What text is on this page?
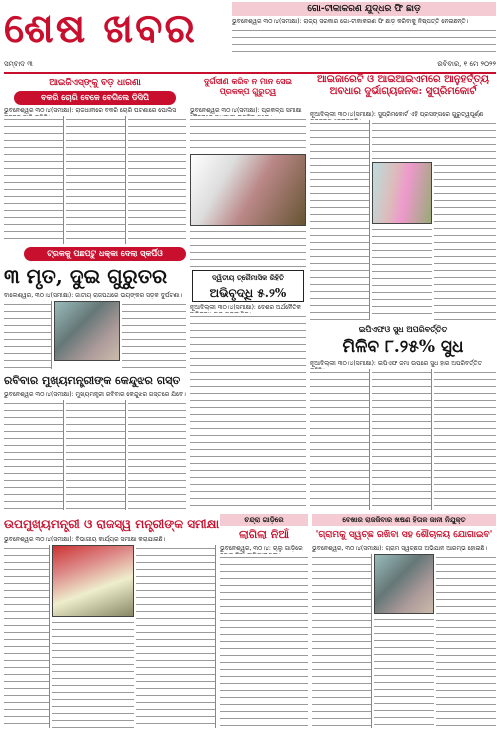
ଶେଷ ଖବର
ସମ୍ବାଦ ୩	ରବିବାର, ୧ ମେ ୨୦୨୨
ଗୋ-ଟୀକାକରଣ ଯୁଦ୍ଧର ଫି ଛାଡ଼
ଭୁବନେଶ୍ୱର ୩୦।୪(ସମୀକ୍ଷା): ରାଜ୍ୟ ସରକାର ଗୋ-ଟୀକାକରଣ ଫି ଛାଡ଼ କରିବାକୁ ନିଷ୍ପତ୍ତି ନେଇଛନ୍ତି।
ଆଇଜିଏସ୍‌ଙ୍କୁ ବଡ଼ ଧାରଣା
ବକରି ଚୋରି ବେଳେ ବେଗିଲେ ଡିସିପି
ଭୁବନେଶ୍ୱର ୩୦।୪(ସମୀକ୍ଷା): ରାଜଧାନୀରେ ବକରି ଚୋରି ଘଟଣାରେ ପୋଲିସ
ଟ୍ରକକୁ ପଛପଟୁ ଧକ୍କା ଦେଲା ସ୍କର୍ପିଓ
୩ ମୃତ, ଦୁଇ ଗୁରୁତର
ବାଲେଶ୍ୱର, ୩୦।୪(ସମୀକ୍ଷା): ଜାତୀୟ ରାଜପଥରେ ଭୟଙ୍କର ସଡ଼କ ଦୁର୍ଘଟଣା।
ରବିବାର ମୁଖ୍ୟମନ୍ତ୍ରୀଙ୍କ କେନ୍ଦୁଝର ଗସ୍ତ
ଭୁବନେଶ୍ୱର ୩୦।୪(ସମୀକ୍ଷା): ମୁଖ୍ୟମନ୍ତ୍ରୀ ରବିବାର କେନ୍ଦୁଝର ଗସ୍ତରେ ଯିବେ।
ଦୁର୍ଗସୀଣ କରିବ ନ ମାନ ସେଇ ପ୍ରକଳ୍ପ ଗୁରୁତ୍ୱ
ଭୁବନେଶ୍ୱର ୩୦।୪(ସମୀକ୍ଷା): ପ୍ରକଳ୍ପ ସମୀକ୍ଷା
ଦ୍ୱିତୀୟ ତ୍ରୈମାସିକ ରିହିତି
ଅଭିବୃଦ୍ଧି ୫.୨%
ନୂଆଦିଲ୍ଲୀ ୩୦।୪(ସମୀକ୍ଷା): ଦେଶର ଅର୍ଥନୈତିକ
ଆଇଜାରେଟି ଓ ଆଇଆଇଏମରେ ଆନୁହର୍ତ୍ତ୍ୟ ଅବଧାର ଦୁର୍ଭାଗ୍ୟଜନକ: ସୁପ୍ରିମକୋର୍ଟ
ନୂଆଦିଲ୍ଲୀ ୩୦।୪(ସମୀକ୍ଷା): ସୁପ୍ରିମକୋର୍ଟ ଏହି ପ୍ରସଙ୍ଗରେ ଗୁରୁତ୍ୱପୂର୍ଣ୍ଣ
ଇପିଏଫଓ ସୁଧ ଅପରିବର୍ତ୍ତିତ
ମିଳିବ ୮.୨୫% ସୁଧ
ନୂଆଦିଲ୍ଲୀ ୩୦।୪(ସମୀକ୍ଷା): ଇପିଏଫ ଜମା ଉପରେ ସୁଧ ହାର ଅପରିବର୍ତ୍ତିତ
ଉପମୁଖ୍ୟମନ୍ତ୍ରୀ ଓ ରାଜସ୍ୱ ମନ୍ତ୍ରୀଙ୍କ ସମୀକ୍ଷା
ଭୁବନେଶ୍ୱର ୩୦।୪(ସମୀକ୍ଷା): ବିଭାଗୀୟ କାର୍ଯ୍ୟର ସମୀକ୍ଷା କରାଯାଇଛି।
ଚନ୍ଦ୍ରା ଗାଡ଼ିରେ
ଲାଗିଲା ନିଆଁ
ଭୁବନେଶ୍ୱର, ୩୦।୪: ଚାଲୁ ଗାଡ଼ିରେ
ବେଖାର ରାଜଜିବାର ଖଷଣ ହିତାଳ ଜାନୀ ନିଯୁକ୍ତ
'ଗ୍ରାମକୁ ସ୍ୱଚ୍ଛ ରଖିବା ସହ ଶୌଚାଳୟ ଯୋଗାଇବ'
ଭୁବନେଶ୍ୱର, ୩୦।୪(ସମୀକ୍ଷା): ଗ୍ରାମ ସ୍ୱଚ୍ଛତା ଅଭିଯାନ ଆରମ୍ଭ ହୋଇଛି।
